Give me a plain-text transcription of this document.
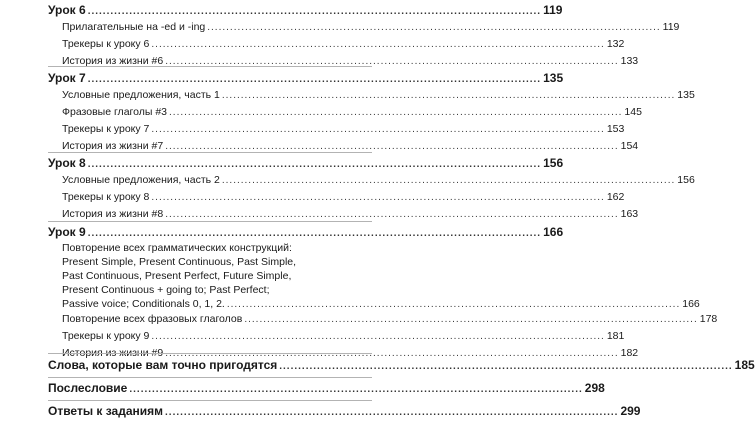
Урок 6 ........................................................................................................................ 119
Прилагательные на -ed и -ing ........................................................................................................................ 119
Трекеры к уроку 6 ........................................................................................................................ 132
История из жизни #6 ........................................................................................................................ 133
Урок 7 ........................................................................................................................ 135
Условные предложения, часть 1 ........................................................................................................................ 135
Фразовые глаголы #3 ........................................................................................................................ 145
Трекеры к уроку 7 ........................................................................................................................ 153
История из жизни #7 ........................................................................................................................ 154
Урок 8 ........................................................................................................................ 156
Условные предложения, часть 2 ........................................................................................................................ 156
Трекеры к уроку 8 ........................................................................................................................ 162
История из жизни #8 ........................................................................................................................ 163
Урок 9 ........................................................................................................................ 166
Повторение всех грамматических конструкций:
Present Simple, Present Continuous, Past Simple,
Past Continuous, Present Perfect, Future Simple,
Present Continuous + going to; Past Perfect;
Passive voice; Conditionals 0, 1, 2. ........................................................................................................................ 166
Повторение всех фразовых глаголов ........................................................................................................................ 178
Трекеры к уроку 9 ........................................................................................................................ 181
История из жизни #9 ........................................................................................................................ 182
Слова, которые вам точно пригодятся ........................................................................................................................ 185
Послесловие ........................................................................................................................ 298
Ответы к заданиям ........................................................................................................................ 299
